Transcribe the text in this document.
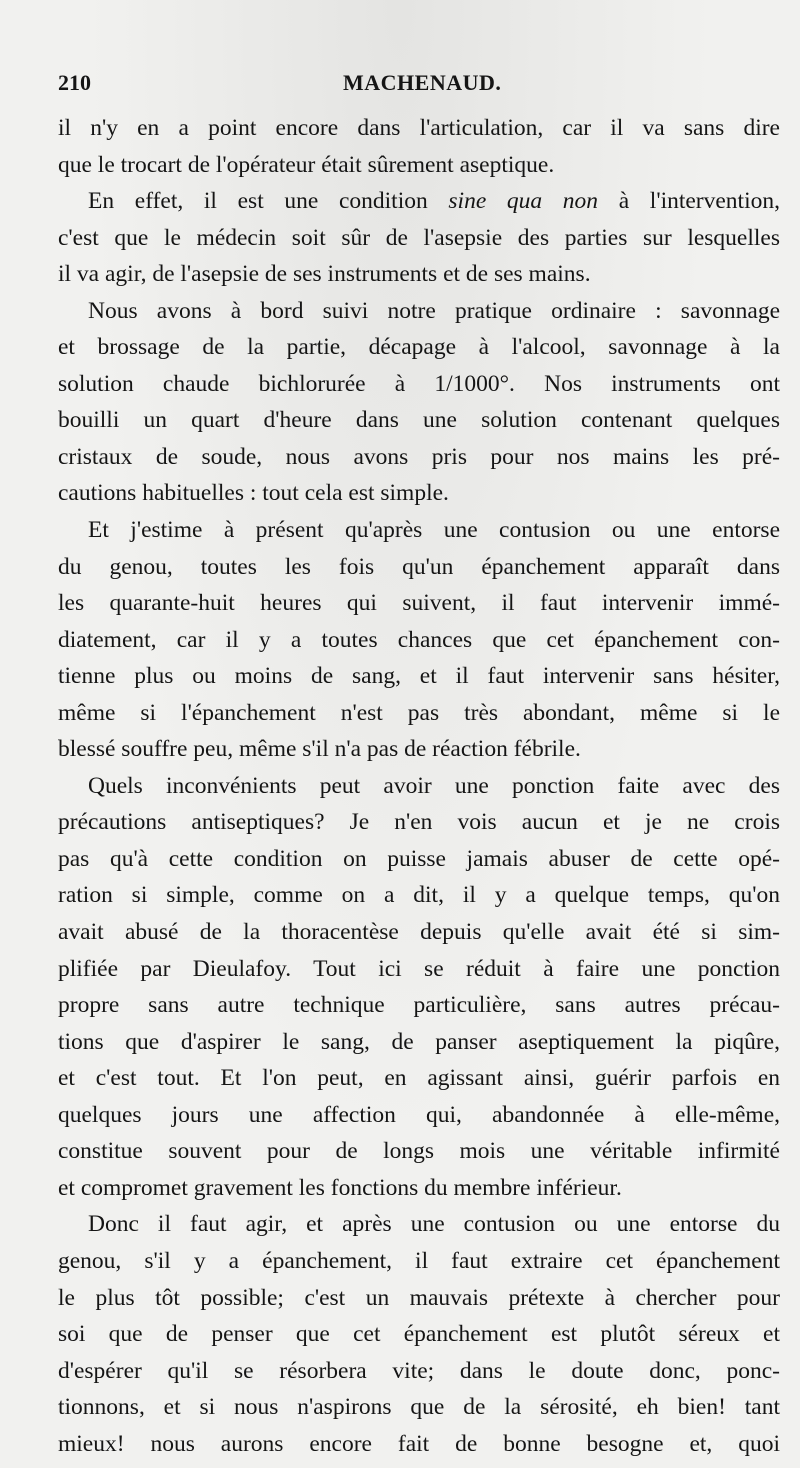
210	MACHENAUD.
il n'y en a point encore dans l'articulation, car il va sans dire
que le trocart de l'opérateur était sûrement aseptique.
En effet, il est une condition sine qua non à l'intervention,
c'est que le médecin soit sûr de l'asepsie des parties sur lesquelles
il va agir, de l'asepsie de ses instruments et de ses mains.
Nous avons à bord suivi notre pratique ordinaire : savonnage
et brossage de la partie, décapage à l'alcool, savonnage à la
solution chaude bichlorurée à 1/1000°. Nos instruments ont
bouilli un quart d'heure dans une solution contenant quelques
cristaux de soude, nous avons pris pour nos mains les pré-
cautions habituelles : tout cela est simple.
Et j'estime à présent qu'après une contusion ou une entorse
du genou, toutes les fois qu'un épanchement apparaît dans
les quarante-huit heures qui suivent, il faut intervenir immé-
diatement, car il y a toutes chances que cet épanchement con-
tienne plus ou moins de sang, et il faut intervenir sans hésiter,
même si l'épanchement n'est pas très abondant, même si le
blessé souffre peu, même s'il n'a pas de réaction fébrile.
Quels inconvénients peut avoir une ponction faite avec des
précautions antiseptiques? Je n'en vois aucun et je ne crois
pas qu'à cette condition on puisse jamais abuser de cette opé-
ration si simple, comme on a dit, il y a quelque temps, qu'on
avait abusé de la thoracentèse depuis qu'elle avait été si sim-
plifiée par Dieulafoy. Tout ici se réduit à faire une ponction
propre sans autre technique particulière, sans autres précau-
tions que d'aspirer le sang, de panser aseptiquement la piqûre,
et c'est tout. Et l'on peut, en agissant ainsi, guérir parfois en
quelques jours une affection qui, abandonnée à elle-même,
constitue souvent pour de longs mois une véritable infirmité
et compromet gravement les fonctions du membre inférieur.
Donc il faut agir, et après une contusion ou une entorse du
genou, s'il y a épanchement, il faut extraire cet épanchement
le plus tôt possible; c'est un mauvais prétexte à chercher pour
soi que de penser que cet épanchement est plutôt séreux et
d'espérer qu'il se résorbera vite; dans le doute donc, ponc-
tionnons, et si nous n'aspirons que de la sérosité, eh bien! tant
mieux! nous aurons encore fait de bonne besogne et, quoi
